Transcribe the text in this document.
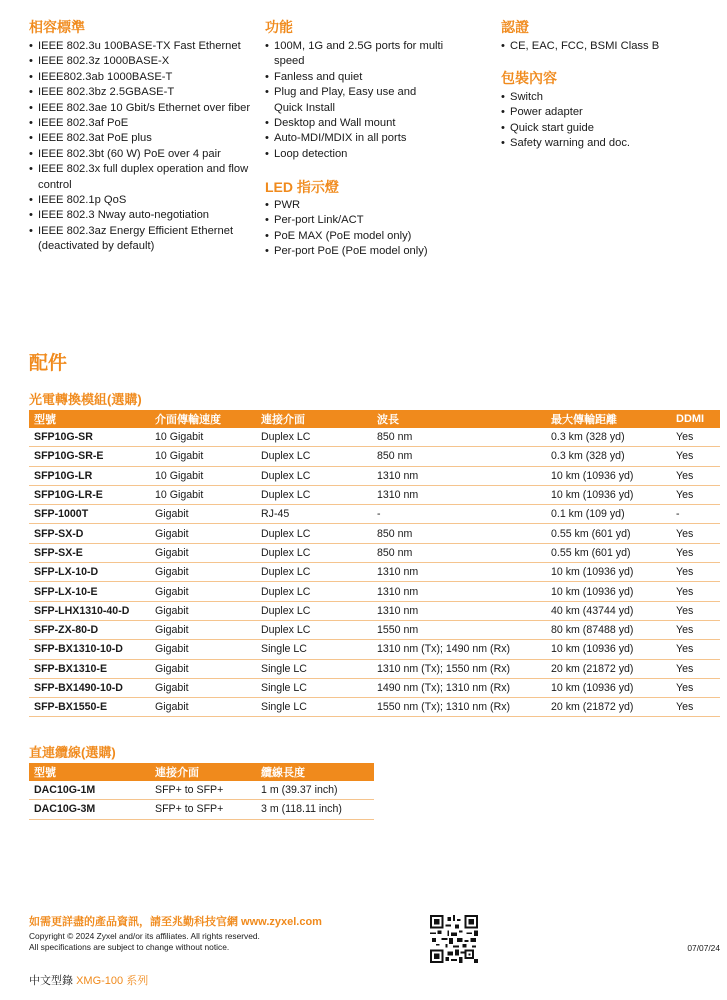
相容標準
• IEEE 802.3u 100BASE-TX Fast Ethernet
• IEEE 802.3z 1000BASE-X
• IEEE802.3ab 1000BASE-T
• IEEE 802.3bz 2.5GBASE-T
• IEEE 802.3ae 10 Gbit/s Ethernet over fiber
• IEEE 802.3af PoE
• IEEE 802.3at PoE plus
• IEEE 802.3bt (60 W) PoE over 4 pair
• IEEE 802.3x full duplex operation and flow control
• IEEE 802.1p QoS
• IEEE 802.3 Nway auto-negotiation
• IEEE 802.3az Energy Efficient Ethernet (deactivated by default)
功能
• 100M, 1G and 2.5G ports for multi speed
• Fanless and quiet
• Plug and Play, Easy use and Quick Install
• Desktop and Wall mount
• Auto-MDI/MDIX in all ports
• Loop detection
LED 指示燈
• PWR
• Per-port Link/ACT
• PoE MAX (PoE model only)
• Per-port PoE (PoE model only)
認證
• CE, EAC, FCC, BSMI Class B
包裝內容
• Switch
• Power adapter
• Quick start guide
• Safety warning and doc.
配件
光電轉換模組(選購)
型號	介面傳輸速度	連接介面	波長	最大傳輸距離	DDMI
SFP10G-SR	10 Gigabit	Duplex LC	850 nm	0.3 km (328 yd)	Yes
SFP10G-SR-E	10 Gigabit	Duplex LC	850 nm	0.3 km (328 yd)	Yes
SFP10G-LR	10 Gigabit	Duplex LC	1310 nm	10 km (10936 yd)	Yes
SFP10G-LR-E	10 Gigabit	Duplex LC	1310 nm	10 km (10936 yd)	Yes
SFP-1000T	Gigabit	RJ-45	-	0.1 km (109 yd)	-
SFP-SX-D	Gigabit	Duplex LC	850 nm	0.55 km (601 yd)	Yes
SFP-SX-E	Gigabit	Duplex LC	850 nm	0.55 km (601 yd)	Yes
SFP-LX-10-D	Gigabit	Duplex LC	1310 nm	10 km (10936 yd)	Yes
SFP-LX-10-E	Gigabit	Duplex LC	1310 nm	10 km (10936 yd)	Yes
SFP-LHX1310-40-D	Gigabit	Duplex LC	1310 nm	40 km (43744 yd)	Yes
SFP-ZX-80-D	Gigabit	Duplex LC	1550 nm	80 km (87488 yd)	Yes
SFP-BX1310-10-D	Gigabit	Single LC	1310 nm (Tx); 1490 nm (Rx)	10 km (10936 yd)	Yes
SFP-BX1310-E	Gigabit	Single LC	1310 nm (Tx); 1550 nm (Rx)	20 km (21872 yd)	Yes
SFP-BX1490-10-D	Gigabit	Single LC	1490 nm (Tx); 1310 nm (Rx)	10 km (10936 yd)	Yes
SFP-BX1550-E	Gigabit	Single LC	1550 nm (Tx); 1310 nm (Rx)	20 km (21872 yd)	Yes
直連纜線(選購)
型號	連接介面	纜線長度
DAC10G-1M	SFP+ to SFP+	1 m (39.37 inch)
DAC10G-3M	SFP+ to SFP+	3 m (118.11 inch)
如需更詳盡的產品資訊，請至兆勤科技官網 www.zyxel.com
Copyright © 2024 Zyxel and/or its affiliates. All rights reserved.
All specifications are subject to change without notice.	07/07/24
中文型錄 XMG-100 系列
